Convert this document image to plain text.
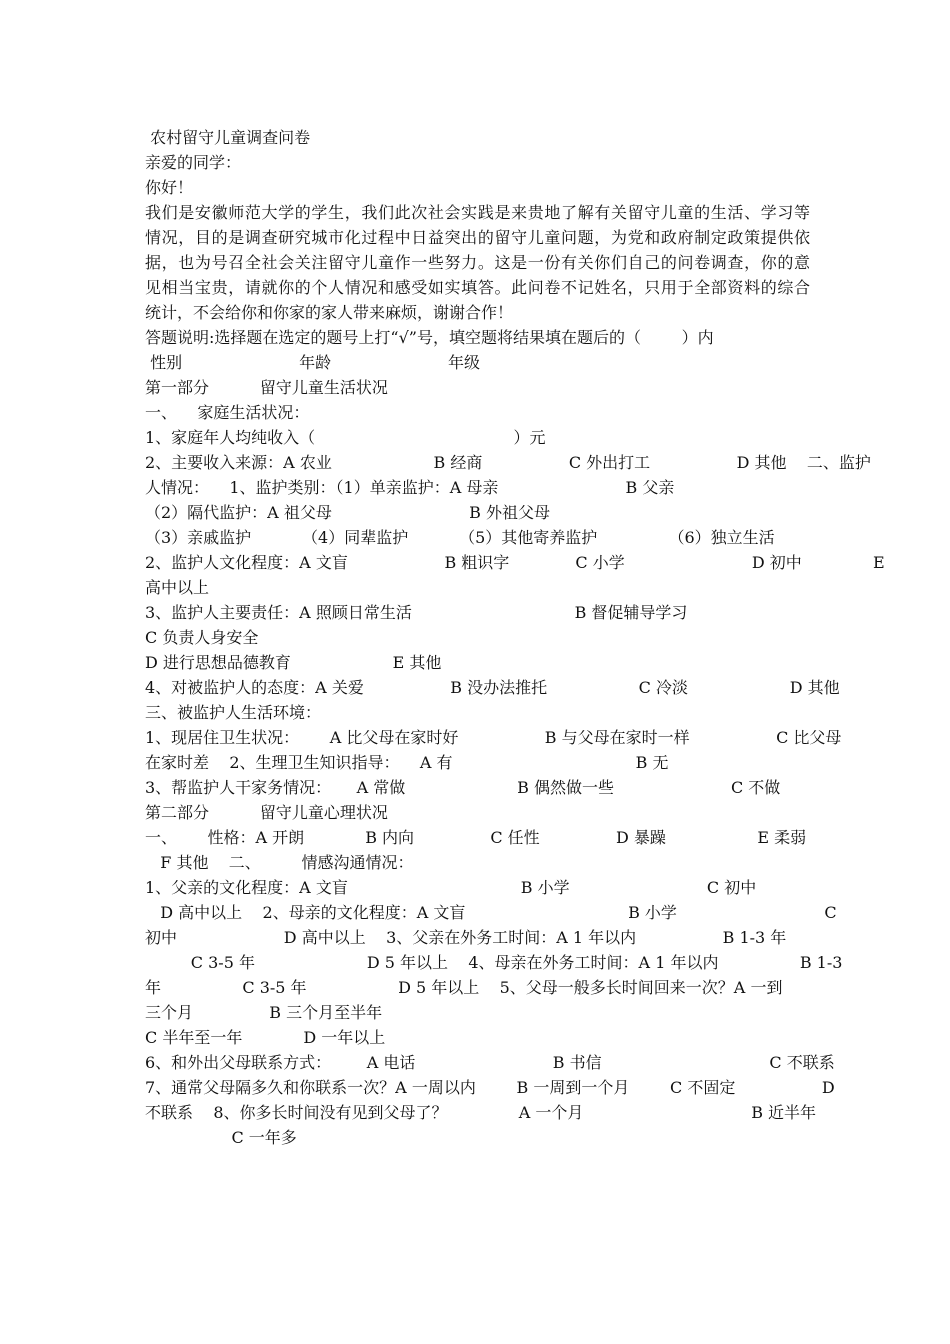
农村留守儿童调查问卷
亲爱的同学：
你好！
我们是安徽师范大学的学生，我们此次社会实践是来贵地了解有关留守儿童的生活、学习等
情况，目的是调查研究城市化过程中日益突出的留守儿童问题，为党和政府制定政策提供依
据，也为号召全社会关注留守儿童作一些努力。这是一份有关你们自己的问卷调查，你的意
见相当宝贵，请就你的个人情况和感受如实填答。此问卷不记姓名，只用于全部资料的综合
统计，不会给你和你家的家人带来麻烦，谢谢合作！
答题说明:选择题在选定的题号上打“√”号，填空题将结果填在题后的（        ）内
性别                       年龄                       年级
第一部分          留守儿童生活状况
一、    家庭生活状况：
1、家庭年人均纯收入（                                       ）元
2、主要收入来源：A 农业                    B 经商                 C 外出打工                 D 其他    二、监护
人情况：    1、监护类别：（1）单亲监护：A 母亲                         B 父亲
（2）隔代监护：A 祖父母                           B 外祖父母
（3）亲戚监护          （4）同辈监护          （5）其他寄养监护              （6）独立生活
2、监护人文化程度：A 文盲                   B 粗识字             C 小学                         D 初中              E
高中以上
3、监护人主要责任：A 照顾日常生活                                B 督促辅导学习
C 负责人身安全
D 进行思想品德教育                    E 其他
4、对被监护人的态度：A 关爱                 B 没办法推托                  C 冷淡                    D 其他
三、被监护人生活环境：
1、现居住卫生状况：      A 比父母在家时好                 B 与父母在家时一样                 C 比父母
在家时差    2、生理卫生知识指导：    A 有                                    B 无
3、帮监护人干家务情况：     A 常做                      B 偶然做一些                       C 不做
第二部分          留守儿童心理状况
一、      性格：A 开朗            B 内向               C 任性               D 暴躁                  E 柔弱
F 其他    二、        情感沟通情况：
1、父亲的文化程度：A 文盲                                  B 小学                           C 初中
D 高中以上    2、母亲的文化程度：A 文盲                                B 小学                             C
初中                     D 高中以上    3、父亲在外务工时间：A 1 年以内                 B 1-3 年
C 3-5 年                      D 5 年以上    4、母亲在外务工时间：A 1 年以内                B 1-3
年                C 3-5 年                  D 5 年以上    5、父母一般多长时间回来一次？A 一到
三个月               B 三个月至半年
C 半年至一年            D 一年以上
6、和外出父母联系方式：       A 电话                           B 书信                                 C 不联系
7、通常父母隔多久和你联系一次？A 一周以内        B 一周到一个月        C 不固定                 D
不联系    8、你多长时间没有见到父母了？              A 一个月                                 B 近半年
C 一年多
